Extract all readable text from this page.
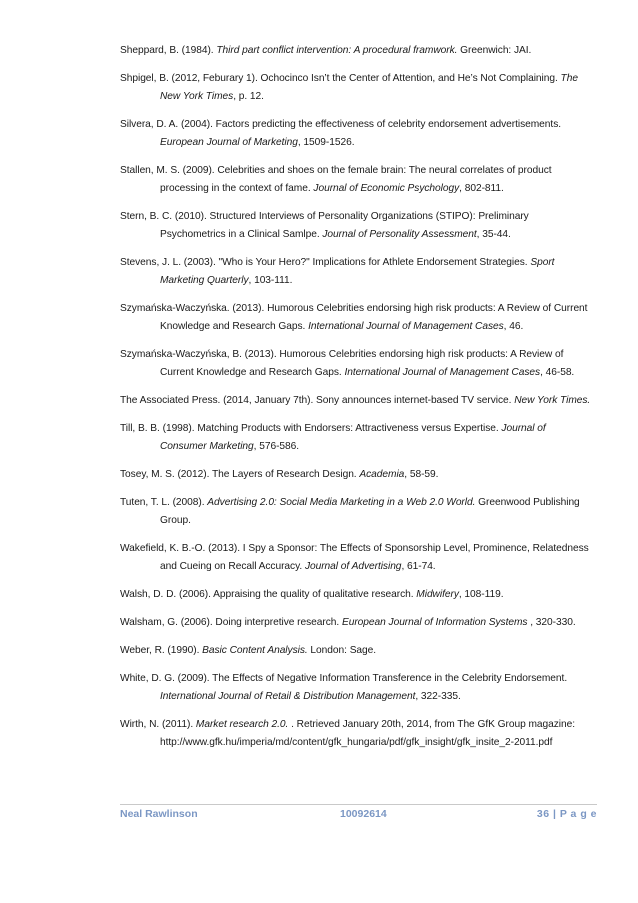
Sheppard, B. (1984). Third part conflict intervention: A procedural framwork. Greenwich: JAI.

Shpigel, B. (2012, Feburary 1). Ochocinco Isn’t the Center of Attention, and He’s Not Complaining. The New York Times, p. 12.

Silvera, D. A. (2004). Factors predicting the effectiveness of celebrity endorsement advertisements. European Journal of Marketing, 1509-1526.

Stallen, M. S. (2009). Celebrities and shoes on the female brain: The neural correlates of product processing in the context of fame. Journal of Economic Psychology, 802-811.

Stern, B. C. (2010). Structured Interviews of Personality Organizations (STIPO): Preliminary Psychometrics in a Clinical Samlpe. Journal of Personality Assessment, 35-44.

Stevens, J. L. (2003). "Who is Your Hero?" Implications for Athlete Endorsement Strategies. Sport Marketing Quarterly, 103-111.

Szymańska-Waczyńska. (2013). Humorous Celebrities endorsing high risk products: A Review of Current Knowledge and Research Gaps. International Journal of Management Cases, 46.

Szymańska-Waczyńska, B. (2013). Humorous Celebrities endorsing high risk products: A Review of Current Knowledge and Research Gaps. International Journal of Management Cases, 46-58.

The Associated Press. (2014, January 7th). Sony announces internet-based TV service. New York Times.

Till, B. B. (1998). Matching Products with Endorsers: Attractiveness versus Expertise. Journal of Consumer Marketing, 576-586.

Tosey, M. S. (2012). The Layers of Research Design. Academia, 58-59.

Tuten, T. L. (2008). Advertising 2.0: Social Media Marketing in a Web 2.0 World. Greenwood Publishing Group.

Wakefield, K. B.-O. (2013). I Spy a Sponsor: The Effects of Sponsorship Level, Prominence, Relatedness and Cueing on Recall Accuracy. Journal of Advertising, 61-74.

Walsh, D. D. (2006). Appraising the quality of qualitative research. Midwifery, 108-119.

Walsham, G. (2006). Doing interpretive research. European Journal of Information Systems , 320-330.

Weber, R. (1990). Basic Content Analysis. London: Sage.

White, D. G. (2009). The Effects of Negative Information Transference in the Celebrity Endorsement. International Journal of Retail & Distribution Management, 322-335.

Wirth, N. (2011). Market research 2.0. . Retrieved January 20th, 2014, from The GfK Group magazine: http://www.gfk.hu/imperia/md/content/gfk_hungaria/pdf/gfk_insight/gfk_insite_2-2011.pdf

Neal Rawlinson	10092614	36 | P a g e
